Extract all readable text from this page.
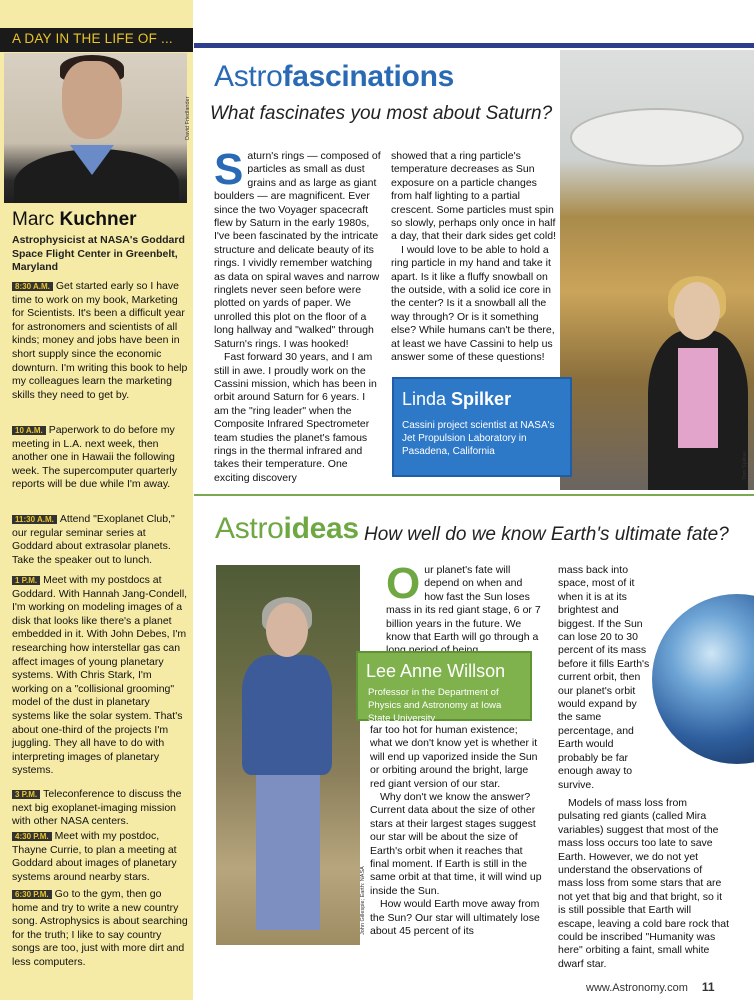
A DAY IN THE LIFE OF ...
David Friedlander
Marc Kuchner
Astrophysicist at NASA's Goddard Space Flight Center in Greenbelt, Maryland
8:30 A.M. Get started early so I have time to work on my book, Marketing for Scientists. It's been a difficult year for astronomers and scientists of all kinds; money and jobs have been in short supply since the economic downturn. I'm writing this book to help my colleagues learn the marketing skills they need to get by.
10 A.M. Paperwork to do before my meeting in L.A. next week, then another one in Hawaii the following week. The supercomputer quarterly reports will be due while I'm away.
11:30 A.M. Attend "Exoplanet Club," our regular seminar series at Goddard about extrasolar planets. Take the speaker out to lunch.
1 P.M. Meet with my postdocs at Goddard. With Hannah Jang-Condell, I'm working on modeling images of a disk that looks like there's a planet embedded in it. With John Debes, I'm researching how interstellar gas can affect images of young planetary systems. With Chris Stark, I'm working on a "collisional grooming" model of the dust in planetary systems like the solar system. That's about one-third of the projects I'm juggling. They all have to do with interpreting images of planetary systems.
3 P.M. Teleconference to discuss the next big exoplanet-imaging mission with other NASA centers.
4:30 P.M. Meet with my postdoc, Thayne Currie, to plan a meeting at Goddard about images of planetary systems around nearby stars.
6:30 P.M. Go to the gym, then go home and try to write a new country song. Astrophysics is about searching for the truth; I like to say country songs are too, just with more dirt and less computers.
Astrofascinations
What fascinates you most about Saturn?
Saturn's rings — composed of particles as small as dust grains and as large as giant boulders — are magnificent. Ever since the two Voyager spacecraft flew by Saturn in the early 1980s, I've been fascinated by the intricate structure and delicate beauty of its rings. I vividly remember watching as data on spiral waves and narrow ringlets never seen before were plotted on yards of paper. We unrolled this plot on the floor of a long hallway and "walked" through Saturn's rings. I was hooked!
Fast forward 30 years, and I am still in awe. I proudly work on the Cassini mission, which has been in orbit around Saturn for 6 years. I am the "ring leader" when the Composite Infrared Spectrometer team studies the planet's famous rings in the thermal infrared and takes their temperature. One exciting discovery
showed that a ring particle's temperature decreases as Sun exposure on a particle changes from half lighting to a partial crescent. Some particles must spin so slowly, perhaps only once in half a day, that their dark sides get cold!
I would love to be able to hold a ring particle in my hand and take it apart. Is it like a fluffy snowball on the outside, with a solid ice core in the center? Is it a snowball all the way through? Or is it something else? While humans can't be there, at least we have Cassini to help us answer some of these questions!
Tom Spilker
Linda Spilker
Cassini project scientist at NASA's Jet Propulsion Laboratory in Pasadena, California
Astroideas How well do we know Earth's ultimate fate?
John Gillespie; Earth: NASA
Our planet's fate will depend on when and how fast the Sun loses mass in its red giant stage, 6 or 7 billion years in the future. We know that Earth will go through a
Lee Anne Willson
Professor in the Department of Physics and Astronomy at Iowa State University
far too hot for human existence; what we don't know yet is whether it will end up vaporized inside the Sun or orbiting around the bright, large red giant version of our star.
Why don't we know the answer? Current data about the size of other stars at their largest stages suggest our star will be about the size of Earth's orbit when it reaches that final moment. If Earth is still in the same orbit at that time, it will wind up inside the Sun.
How would Earth move away from the Sun? Our star will ultimately lose about 45 percent of its
mass back into space, most of it when it is at its brightest and biggest. If the Sun can lose 20 to 30 percent of its mass before it fills Earth's current orbit, then our planet's orbit would expand by the same percentage, and Earth would probably be far enough away to survive.
Models of mass loss from pulsating red giants (called Mira variables) suggest that most of the mass loss occurs too late to save Earth. However, we do not yet understand the observations of mass loss from some stars that are not yet that big and that bright, so it is still possible that Earth will escape, leaving a cold bare rock that could be inscribed "Humanity was here" orbiting a faint, small white dwarf star.
www.Astronomy.com 11
